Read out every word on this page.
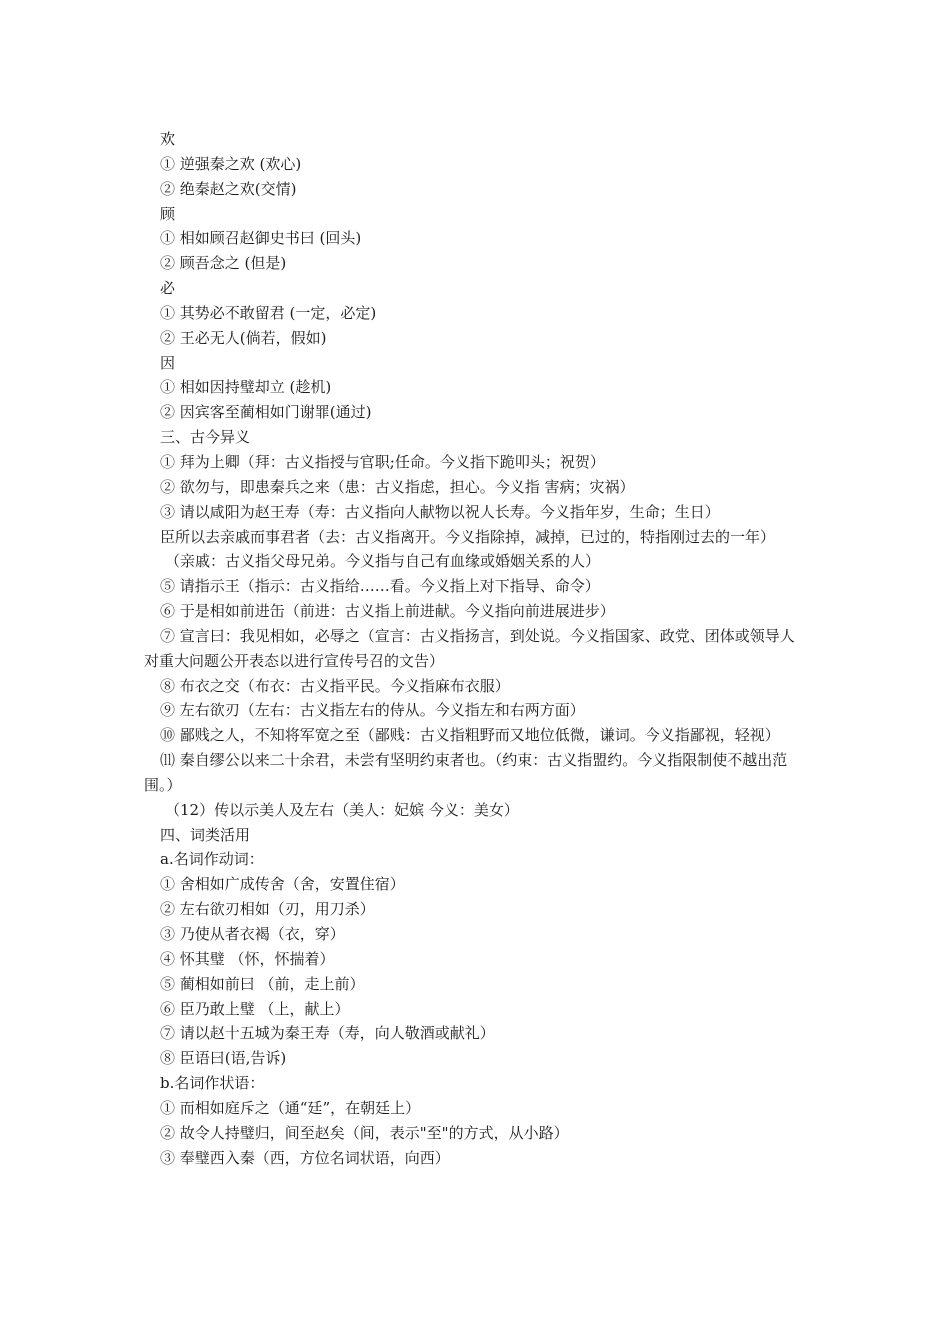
欢
① 逆强秦之欢 (欢心)
② 绝秦赵之欢(交情)
顾
① 相如顾召赵御史书曰 (回头)
② 顾吾念之 (但是)
必
① 其势必不敢留君 (一定，必定)
② 王必无人(倘若，假如)
因
① 相如因持璧却立 (趁机)
② 因宾客至蔺相如门谢罪(通过)
三、古今异义
① 拜为上卿（拜：古义指授与官职;任命。今义指下跪叩头；祝贺）
② 欲勿与，即患秦兵之来（患：古义指虑，担心。今义指 害病；灾祸）
③ 请以咸阳为赵王寿（寿：古义指向人献物以祝人长寿。今义指年岁，生命；生日）
臣所以去亲戚而事君者（去：古义指离开。今义指除掉，减掉，已过的，特指刚过去的一年）
（亲戚：古义指父母兄弟。今义指与自己有血缘或婚姻关系的人）
⑤ 请指示王（指示：古义指给……看。今义指上对下指导、命令）
⑥ 于是相如前进缶（前进：古义指上前进献。今义指向前进展进步）
⑦ 宣言曰：我见相如，必辱之（宣言：古义指扬言，到处说。今义指国家、政党、团体或领导人对重大问题公开表态以进行宣传号召的文告）
⑧ 布衣之交（布衣：古义指平民。今义指麻布衣服）
⑨ 左右欲刃（左右：古义指左右的侍从。今义指左和右两方面）
⑩ 鄙贱之人，不知将军宽之至（鄙贱：古义指粗野而又地位低微，谦词。今义指鄙视，轻视）
⑾ 秦自缪公以来二十余君，未尝有坚明约束者也。（约束：古义指盟约。今义指限制使不越出范围。）
（12）传以示美人及左右（美人：妃嫔 今义：美女）
四、词类活用
a.名词作动词：
① 舍相如广成传舍（舍，安置住宿）
② 左右欲刃相如（刃，用刀杀）
③ 乃使从者衣褐（衣，穿）
④ 怀其璧 （怀，怀揣着）
⑤ 蔺相如前曰 （前，走上前）
⑥ 臣乃敢上璧 （上，献上）
⑦ 请以赵十五城为秦王寿（寿，向人敬酒或献礼）
⑧ 臣语曰(语,告诉)
b.名词作状语：
① 而相如庭斥之（通“廷”，在朝廷上）
② 故令人持璧归，间至赵矣（间，表示"至"的方式，从小路）
③ 奉璧西入秦（西，方位名词状语，向西）
